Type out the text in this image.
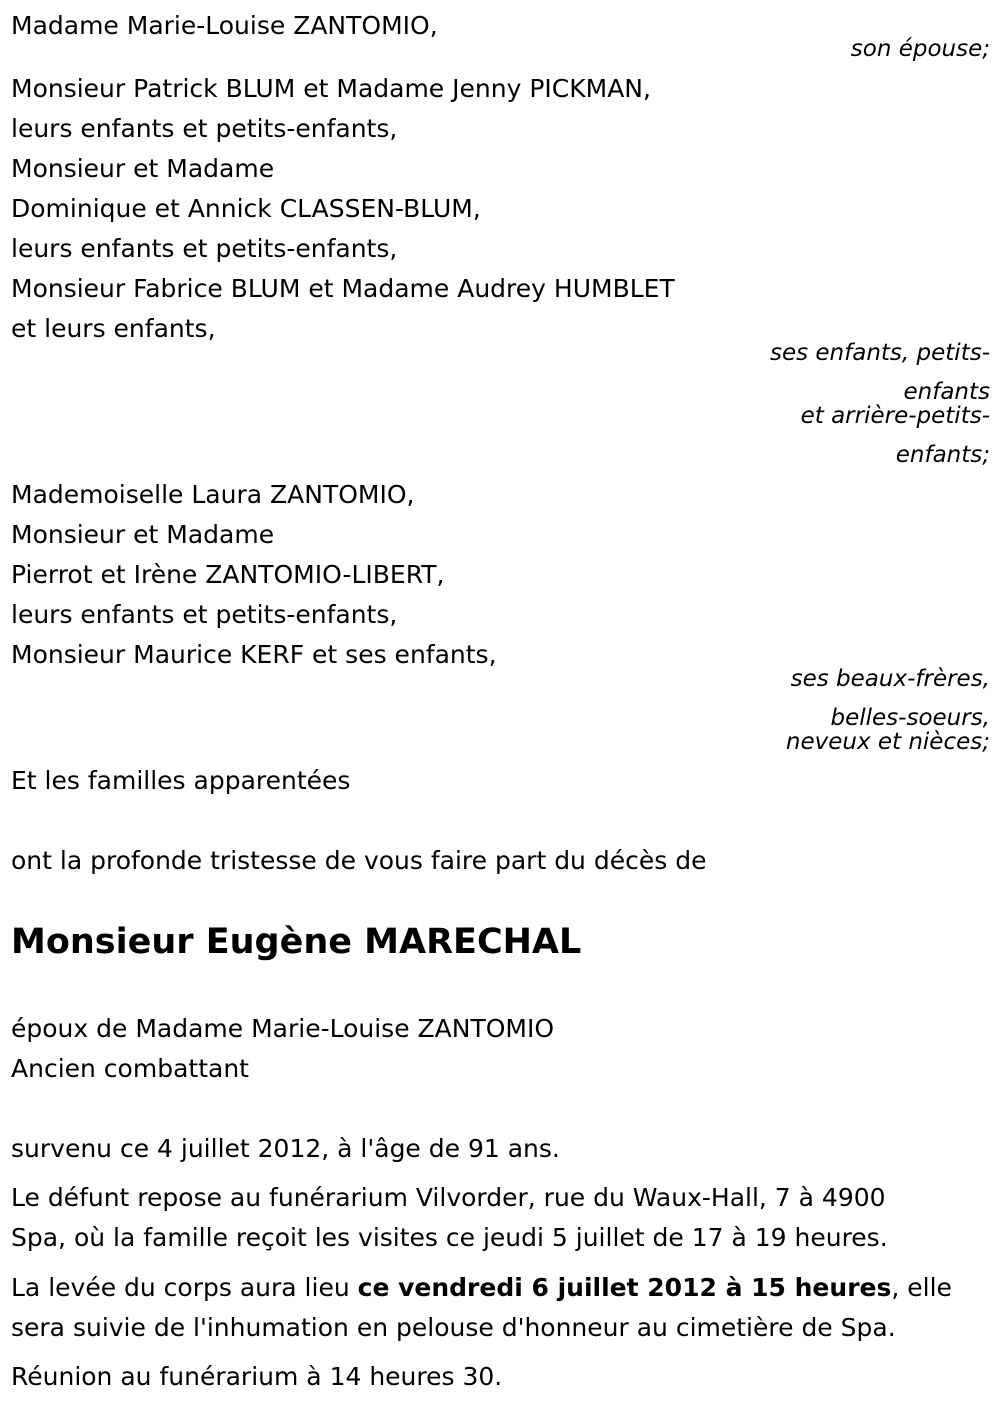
Madame Marie-Louise ZANTOMIO,
son épouse;
Monsieur Patrick BLUM et Madame Jenny PICKMAN,
leurs enfants et petits-enfants,
Monsieur et Madame
Dominique et Annick CLASSEN-BLUM,
leurs enfants et petits-enfants,
Monsieur Fabrice BLUM et Madame Audrey HUMBLET
et leurs enfants,
ses enfants, petits-
enfants
et arrière-petits-
enfants;
Mademoiselle Laura ZANTOMIO,
Monsieur et Madame
Pierrot et Irène ZANTOMIO-LIBERT,
leurs enfants et petits-enfants,
Monsieur Maurice KERF et ses enfants,
ses beaux-frères,
belles-soeurs,
neveux et nièces;
Et les familles apparentées
ont la profonde tristesse de vous faire part du décès de
Monsieur Eugène MARECHAL
époux de Madame Marie-Louise ZANTOMIO
Ancien combattant
survenu ce 4 juillet 2012, à l'âge de 91 ans.
Le défunt repose au funérarium Vilvorder, rue du Waux-Hall, 7 à 4900
Spa, où la famille reçoit les visites ce jeudi 5 juillet de 17 à 19 heures.
La levée du corps aura lieu ce vendredi 6 juillet 2012 à 15 heures, elle
sera suivie de l'inhumation en pelouse d'honneur au cimetière de Spa.
Réunion au funérarium à 14 heures 30.
